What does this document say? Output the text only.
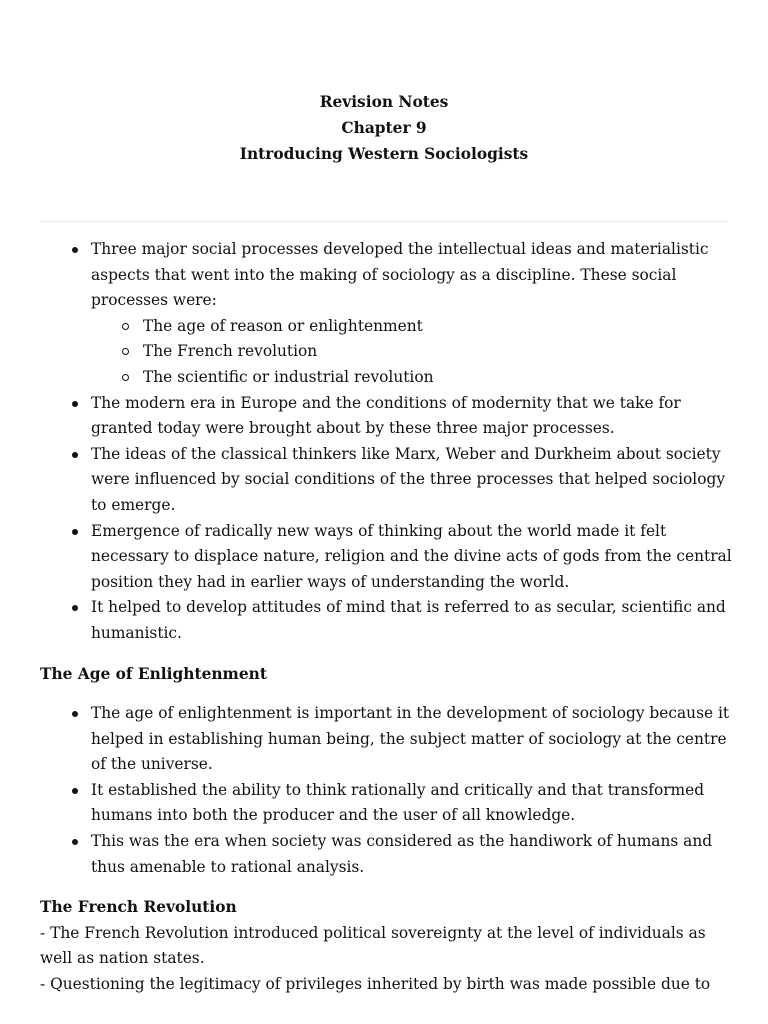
Revision Notes
Chapter 9
Introducing Western Sociologists
Three major social processes developed the intellectual ideas and materialistic aspects that went into the making of sociology as a discipline. These social processes were:
The age of reason or enlightenment
The French revolution
The scientific or industrial revolution
The modern era in Europe and the conditions of modernity that we take for granted today were brought about by these three major processes.
The ideas of the classical thinkers like Marx, Weber and Durkheim about society were influenced by social conditions of the three processes that helped sociology to emerge.
Emergence of radically new ways of thinking about the world made it felt necessary to displace nature, religion and the divine acts of gods from the central position they had in earlier ways of understanding the world.
It helped to develop attitudes of mind that is referred to as secular, scientific and humanistic.
The Age of Enlightenment
The age of enlightenment is important in the development of sociology because it helped in establishing human being, the subject matter of sociology at the centre of the universe.
It established the ability to think rationally and critically and that transformed humans into both the producer and the user of all knowledge.
This was the era when society was considered as the handiwork of humans and thus amenable to rational analysis.
The French Revolution

- The French Revolution introduced political sovereignty at the level of individuals as well as nation states.

- Questioning the legitimacy of privileges inherited by birth was made possible due to
